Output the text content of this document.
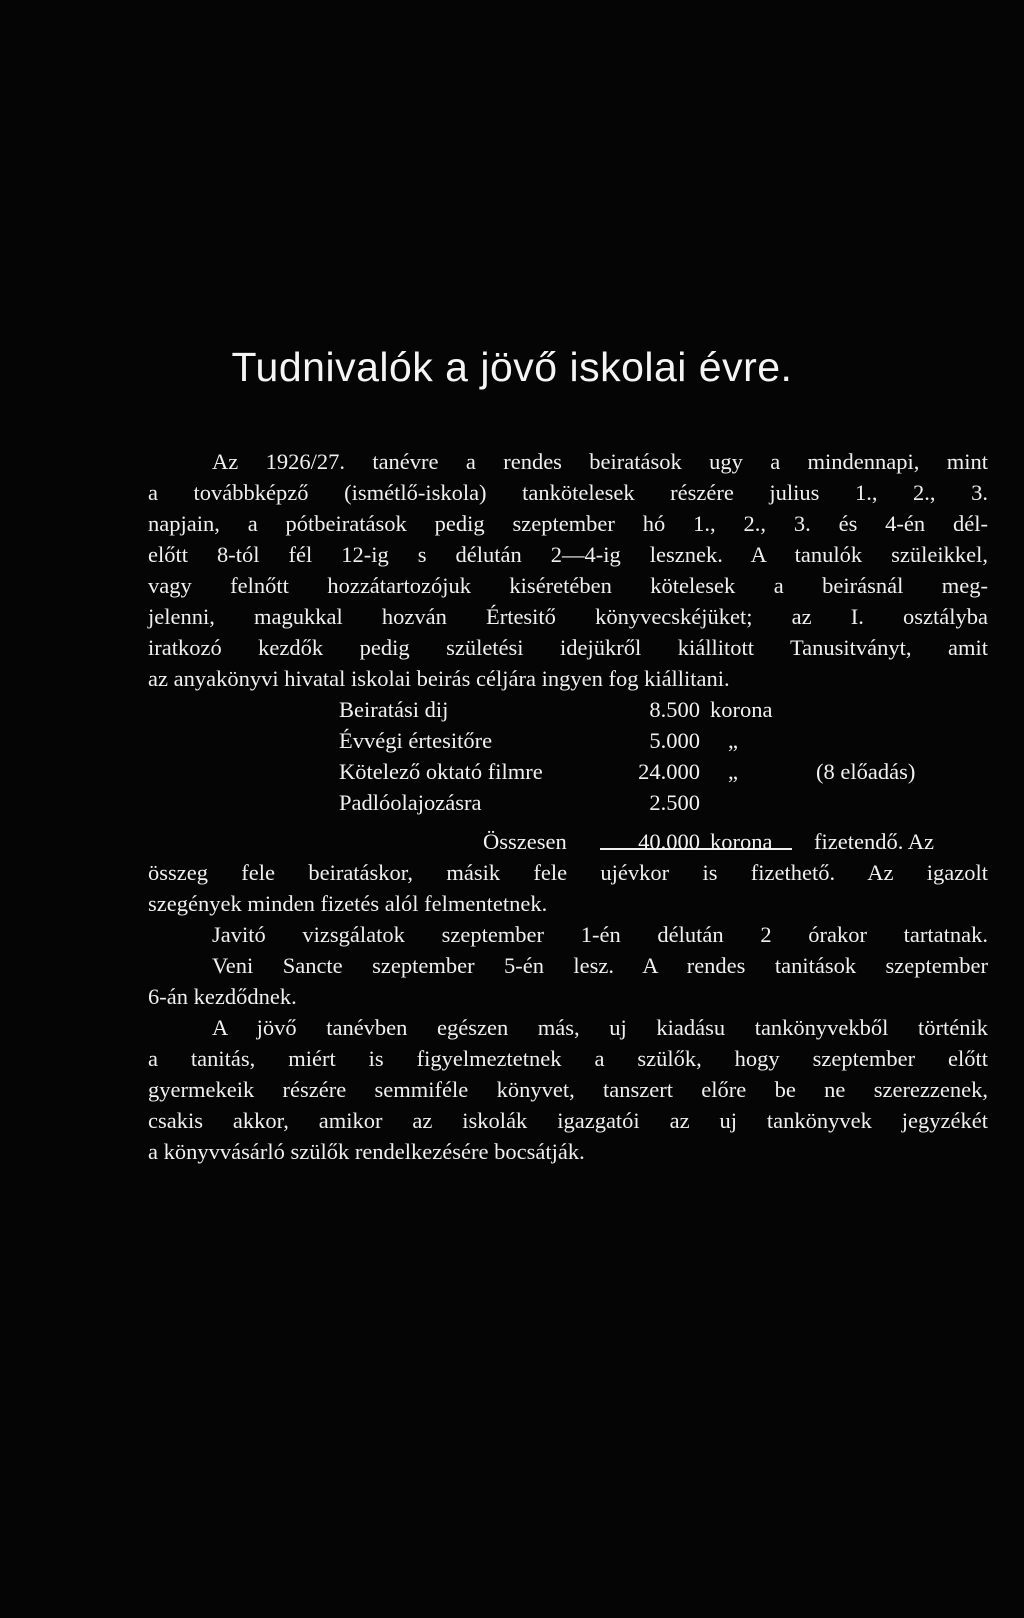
Tudnivalók a jövő iskolai évre.
Az 1926/27. tanévre a rendes beiratások ugy a mindennapi, mint
a továbbképző (ismétlő-iskola) tankötelesek részére julius 1., 2., 3.
napjain, a pótbeiratások pedig szeptember hó 1., 2., 3. és 4-én dél-
előtt 8-tól fél 12-ig s délután 2—4-ig lesznek. A tanulók szüleikkel,
vagy felnőtt hozzátartozójuk kiséretében kötelesek a beirásnál meg-
jelenni, magukkal hozván Értesitő könyvecskéjüket; az I. osztályba
iratkozó kezdők pedig születési idejükről kiállitott Tanusitványt, amit
az anyakönyvi hivatal iskolai beirás céljára ingyen fog kiállitani.
Beiratási dij	8.500 korona
Évvégi értesitőre	5.000 „
Kötelező oktató filmre	24.000 „	(8 előadás)
Padlóolajozásra	2.500
Összesen	40.000 korona fizetendő. Az
összeg fele beiratáskor, másik fele ujévkor is fizethető. Az igazolt
szegények minden fizetés alól felmentetnek.
Javitó vizsgálatok szeptember 1-én délután 2 órakor tartatnak.
Veni Sancte szeptember 5-én lesz. A rendes tanitások szeptember
6-án kezdődnek.
A jövő tanévben egészen más, uj kiadásu tankönyvekből történik
a tanitás, miért is figyelmeztetnek a szülők, hogy szeptember előtt
gyermekeik részére semmiféle könyvet, tanszert előre be ne szerezzenek,
csakis akkor, amikor az iskolák igazgatói az uj tankönyvek jegyzékét
a könyvvásárló szülők rendelkezésére bocsátják.
